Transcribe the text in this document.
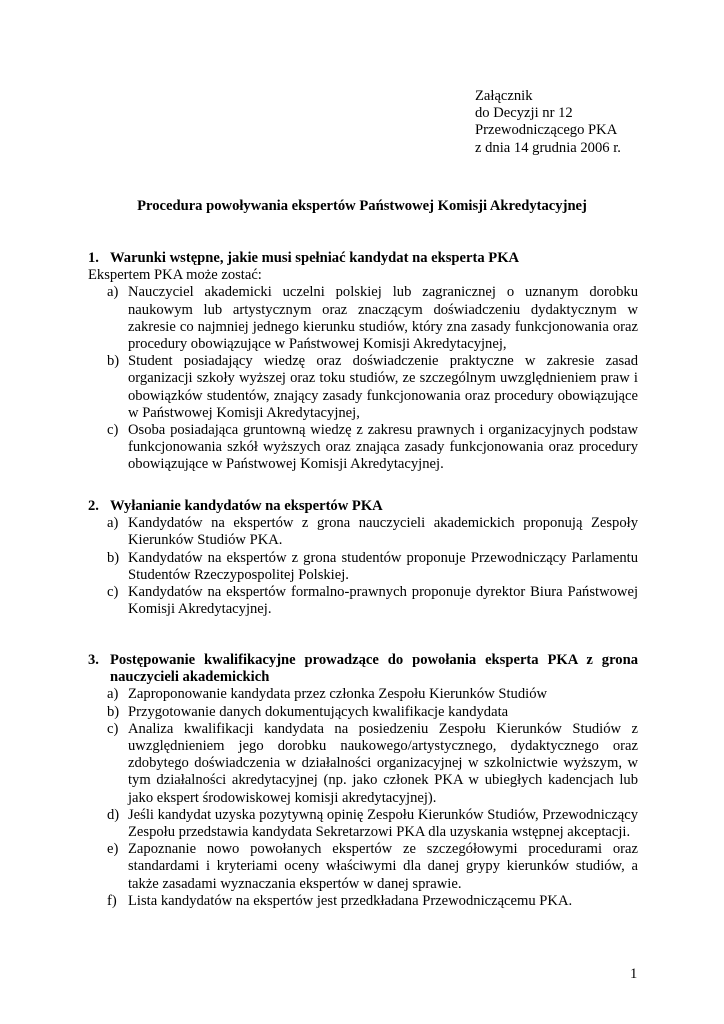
Załącznik
do Decyzji nr 12
Przewodniczącego PKA
z dnia 14 grudnia 2006 r.
Procedura powoływania ekspertów Państwowej Komisji Akredytacyjnej
1. Warunki wstępne, jakie musi spełniać kandydat na eksperta PKA

Ekspertem PKA może zostać:

a) Nauczyciel akademicki uczelni polskiej lub zagranicznej o uznanym dorobku naukowym lub artystycznym oraz znaczącym doświadczeniu dydaktycznym w zakresie co najmniej jednego kierunku studiów, który zna zasady funkcjonowania oraz procedury obowiązujące w Państwowej Komisji Akredytacyjnej,
b) Student posiadający wiedzę oraz doświadczenie praktyczne w zakresie zasad organizacji szkoły wyższej oraz toku studiów, ze szczególnym uwzględnieniem praw i obowiązków studentów, znający zasady funkcjonowania oraz procedury obowiązujące w Państwowej Komisji Akredytacyjnej,
c) Osoba posiadająca gruntowną wiedzę z zakresu prawnych i organizacyjnych podstaw funkcjonowania szkół wyższych oraz znająca zasady funkcjonowania oraz procedury obowiązujące w Państwowej Komisji Akredytacyjnej.
2. Wyłanianie kandydatów na ekspertów PKA
a) Kandydatów na ekspertów z grona nauczycieli akademickich proponują Zespoły Kierunków Studiów PKA.
b) Kandydatów na ekspertów z grona studentów proponuje Przewodniczący Parlamentu Studentów Rzeczypospolitej Polskiej.
c) Kandydatów na ekspertów formalno-prawnych proponuje dyrektor Biura Państwowej Komisji Akredytacyjnej.
3. Postępowanie kwalifikacyjne prowadzące do powołania eksperta PKA z grona nauczycieli akademickich
a) Zaproponowanie kandydata przez członka Zespołu Kierunków Studiów
b) Przygotowanie danych dokumentujących kwalifikacje kandydata
c) Analiza kwalifikacji kandydata na posiedzeniu Zespołu Kierunków Studiów z uwzględnieniem jego dorobku naukowego/artystycznego, dydaktycznego oraz zdobytego doświadczenia w działalności organizacyjnej w szkolnictwie wyższym, w tym działalności akredytacyjnej (np. jako członek PKA w ubiegłych kadencjach lub jako ekspert środowiskowej komisji akredytacyjnej).
d) Jeśli kandydat uzyska pozytywną opinię Zespołu Kierunków Studiów, Przewodniczący Zespołu przedstawia kandydata Sekretarzowi PKA dla uzyskania wstępnej akceptacji.
e) Zapoznanie nowo powołanych ekspertów ze szczegółowymi procedurami oraz standardami i kryteriami oceny właściwymi dla danej grypy kierunków studiów, a także zasadami wyznaczania ekspertów w danej sprawie.
f) Lista kandydatów na ekspertów jest przedkładana Przewodniczącemu PKA.
1
